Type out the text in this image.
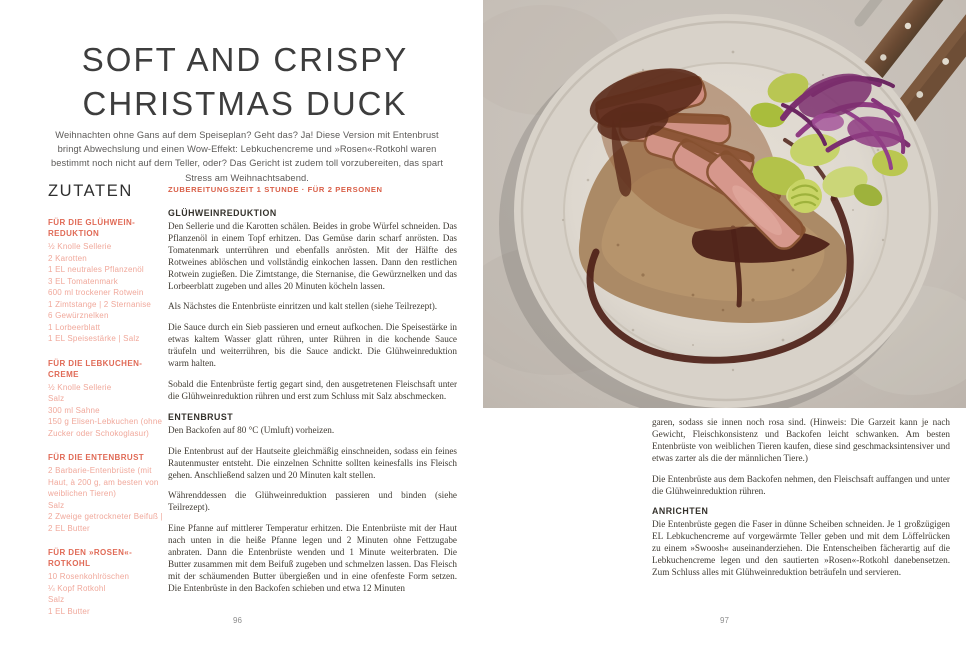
SOFT AND CRISPY
CHRISTMAS DUCK

Weihnachten ohne Gans auf dem Speiseplan? Geht das? Ja! Diese Version mit Entenbrust bringt Abwechslung und einen Wow-Effekt: Lebkuchencreme und »Rosen«-Rotkohl waren bestimmt noch nicht auf dem Teller, oder? Das Gericht ist zudem toll vorzubereiten, das spart Stress am Weihnachtsabend.

ZUTATEN
FÜR DIE GLÜHWEIN-REDUKTION
½ Knolle Sellerie
2 Karotten
1 EL neutrales Pflanzenöl
3 EL Tomatenmark
600 ml trockener Rotwein
1 Zimtstange | 2 Sternanise
6 Gewürznelken
1 Lorbeerblatt
1 EL Speisestärke | Salz
FÜR DIE LEBKUCHEN-CREME
½ Knolle Sellerie
Salz
300 ml Sahne
150 g Elisen-Lebkuchen (ohne Zucker oder Schokoglasur)
FÜR DIE ENTENBRUST
2 Barbarie-Entenbrüste (mit Haut, à 200 g, am besten von weiblichen Tieren)
Salz
2 Zweige getrockneter Beifuß | 2 EL Butter
FÜR DEN »ROSEN«-ROTKOHL
10 Rosenkohlröschen
¼ Kopf Rotkohl
Salz
1 EL Butter
ZUBEREITUNGSZEIT 1 STUNDE · FÜR 2 PERSONEN
GLÜHWEINREDUKTION

Den Sellerie und die Karotten schälen. Beides in grobe Würfel schneiden. Das Pflanzenöl in einem Topf erhitzen. Das Gemüse darin scharf anrösten. Das Tomatenmark unterrühren und ebenfalls anrösten. Mit der Hälfte des Rotweines ablöschen und vollständig einkochen lassen. Dann den restlichen Rotwein zugießen. Die Zimtstange, die Sternanise, die Gewürznelken und das Lorbeerblatt zugeben und alles 20 Minuten köcheln lassen.

Als Nächstes die Entenbrüste einritzen und kalt stellen (siehe Teilrezept).

Die Sauce durch ein Sieb passieren und erneut aufkochen. Die Speisestärke in etwas kaltem Wasser glatt rühren, unter Rühren in die kochende Sauce träufeln und weiterrühren, bis die Sauce andickt. Die Glühweinreduktion warm halten.

Sobald die Entenbrüste fertig gegart sind, den ausgetretenen Fleischsaft unter die Glühweinreduktion rühren und erst zum Schluss mit Salz abschmecken.

ENTENBRUST

Den Backofen auf 80 °C (Umluft) vorheizen.

Die Entenbrust auf der Hautseite gleichmäßig einschneiden, sodass ein feines Rautenmuster entsteht. Die einzelnen Schnitte sollten keinesfalls ins Fleisch gehen. Anschließend salzen und 20 Minuten kalt stellen.

Währenddessen die Glühweinreduktion passieren und binden (siehe Teilrezept).

Eine Pfanne auf mittlerer Temperatur erhitzen. Die Entenbrüste mit der Haut nach unten in die heiße Pfanne legen und 2 Minuten ohne Fettzugabe anbraten. Dann die Entenbrüste wenden und 1 Minute weiterbraten. Die Butter zusammen mit dem Beifuß zugeben und schmelzen lassen. Das Fleisch mit der schäumenden Butter übergießen und in eine ofenfeste Form setzen. Die Entenbrüste in den Backofen schieben und etwa 12 Minuten

96

garen, sodass sie innen noch rosa sind. (Hinweis: Die Garzeit kann je nach Gewicht, Fleischkonsistenz und Backofen leicht schwanken. Am besten Entenbrüste von weiblichen Tieren kaufen, diese sind geschmacksintensiver und etwas zarter als die der männlichen Tiere.)

Die Entenbrüste aus dem Backofen nehmen, den Fleischsaft auffangen und unter die Glühweinreduktion rühren.

ANRICHTEN

Die Entenbrüste gegen die Faser in dünne Scheiben schneiden. Je 1 großzügigen EL Lebkuchencreme auf vorgewärmte Teller geben und mit dem Löffelrücken zu einem »Swoosh« auseinanderziehen. Die Entenscheiben fächerartig auf die Lebkuchencreme legen und den sautierten »Rosen«-Rotkohl danebensetzen. Zum Schluss alles mit Glühweinreduktion beträufeln und servieren.

97
